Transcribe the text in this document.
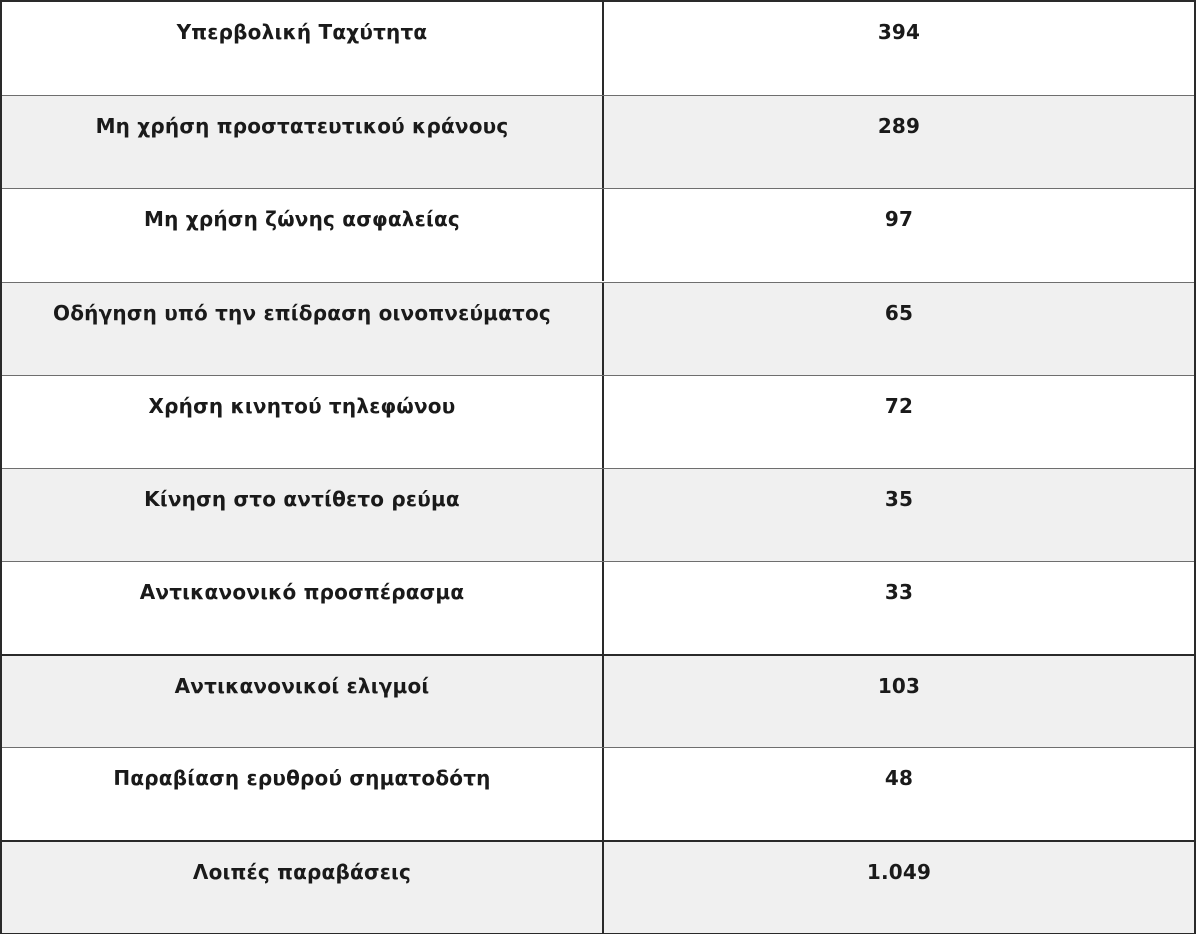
Υπερβολική Ταχύτητα	394
Μη χρήση προστατευτικού κράνους	289
Μη χρήση ζώνης ασφαλείας	97
Οδήγηση υπό την επίδραση οινοπνεύματος	65
Χρήση κινητού τηλεφώνου	72
Κίνηση στο αντίθετο ρεύμα	35
Αντικανονικό προσπέρασμα	33
Αντικανονικοί ελιγμοί	103
Παραβίαση ερυθρού σηματοδότη	48
Λοιπές παραβάσεις	1.049
